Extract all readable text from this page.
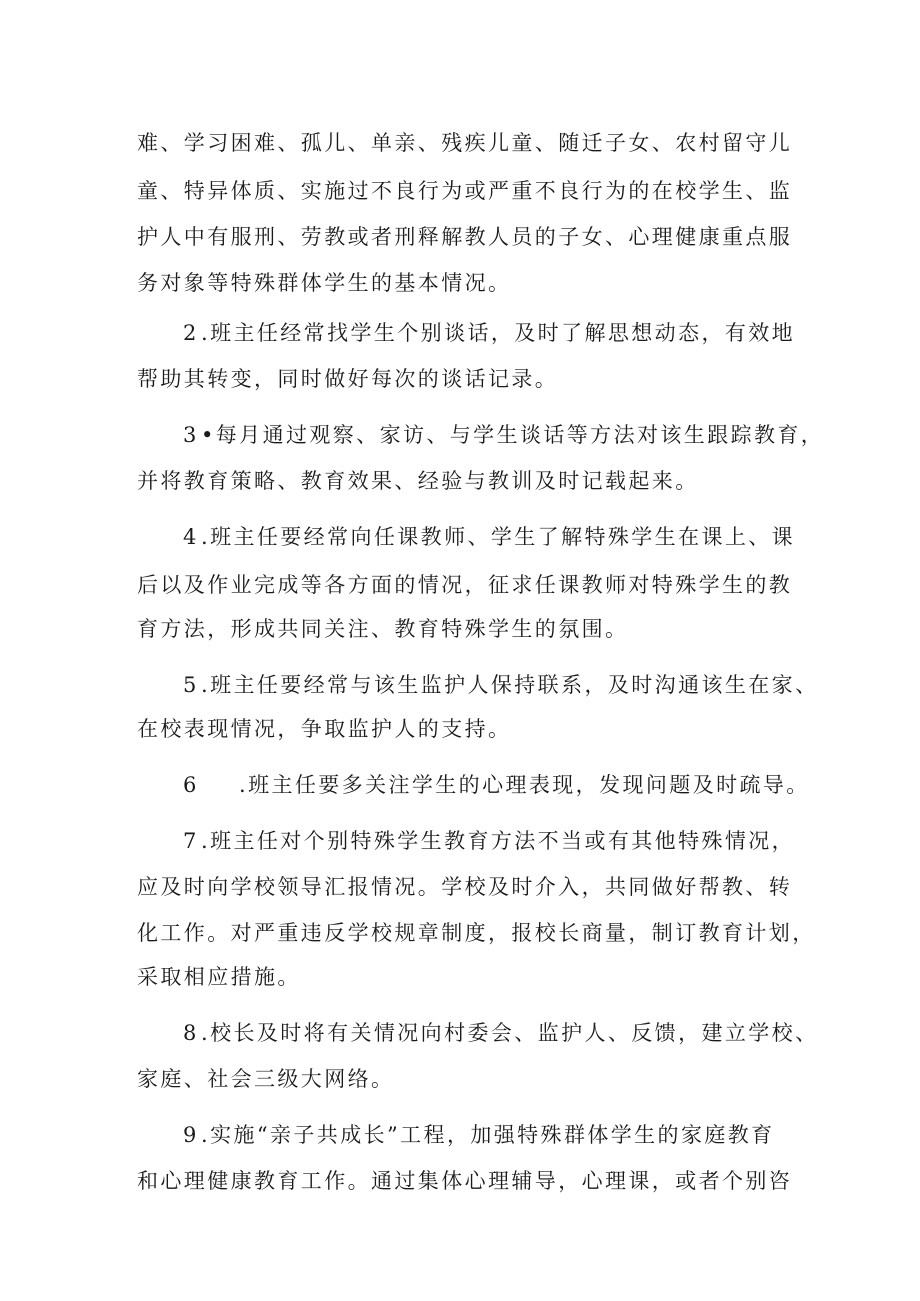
难、学习困难、孤儿、单亲、残疾儿童、随迁子女、农村留守儿
童、特异体质、实施过不良行为或严重不良行为的在校学生、监
护人中有服刑、劳教或者刑释解教人员的子女、心理健康重点服
务对象等特殊群体学生的基本情况。
2 .班主任经常找学生个别谈话，及时了解思想动态，有效地
帮助其转变，同时做好每次的谈话记录。
3 •每月通过观察、家访、与学生谈话等方法对该生跟踪教育，
并将教育策略、教育效果、经验与教训及时记载起来。
4 .班主任要经常向任课教师、学生了解特殊学生在课上、课
后以及作业完成等各方面的情况，征求任课教师对特殊学生的教
育方法，形成共同关注、教育特殊学生的氛围。
5 .班主任要经常与该生监护人保持联系，及时沟通该生在家、
在校表现情况，争取监护人的支持。
6 .班主任要多关注学生的心理表现，发现问题及时疏导。
7 .班主任对个别特殊学生教育方法不当或有其他特殊情况，
应及时向学校领导汇报情况。学校及时介入，共同做好帮教、转
化工作。对严重违反学校规章制度，报校长商量，制订教育计划，
采取相应措施。
8 .校长及时将有关情况向村委会、监护人、反馈，建立学校、
家庭、社会三级大网络。
9 .实施“亲子共成长”工程，加强特殊群体学生的家庭教育
和心理健康教育工作。通过集体心理辅导，心理课，或者个别咨
